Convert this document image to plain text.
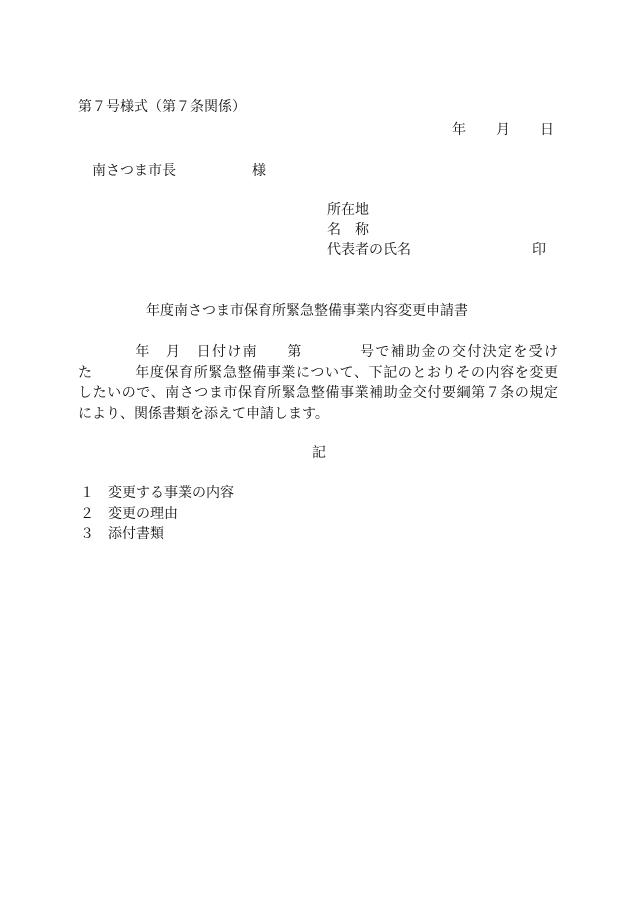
第７号様式（第７条関係）

年 月 日

南さつま市長	様

所在地
名　称
代表者の氏名	印

年度南さつま市保育所緊急整備事業内容変更申請書

年 月 日付け南 第	号で補助金の交付決定を受け
た	年度保育所緊急整備事業について、下記のとおりその内容を変更
したいので、南さつま市保育所緊急整備事業補助金交付要綱第７条の規定
により、関係書類を添えて申請します。

記

１ 変更する事業の内容
２ 変更の理由
３ 添付書類
